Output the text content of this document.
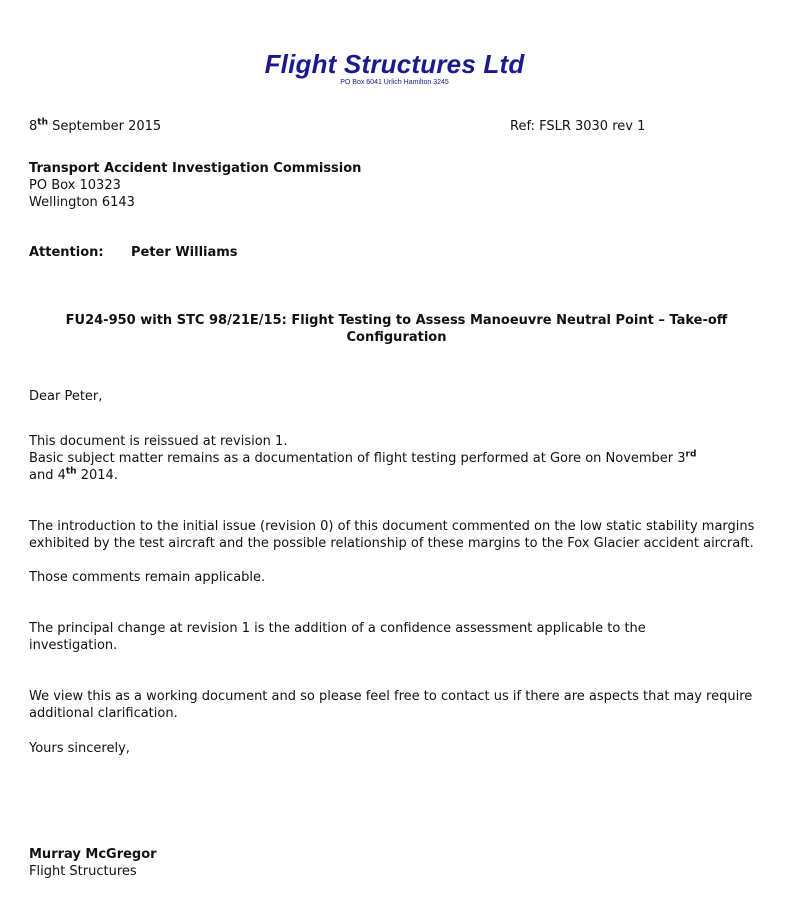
Flight Structures Ltd
PO Box 6041 Urlich Hamilton 3245

8th September 2015	Ref: FSLR 3030 rev 1

Transport Accident Investigation Commission

PO Box 10323

Wellington 6143

Attention: Peter Williams

FU24-950 with STC 98/21E/15: Flight Testing to Assess Manoeuvre Neutral Point – Take-off

Configuration

Dear Peter,

This document is reissued at revision 1.

Basic subject matter remains as a documentation of flight testing performed at Gore on November 3rd

and 4th 2014.

The introduction to the initial issue (revision 0) of this document commented on the low static stability margins exhibited by the test aircraft and the possible relationship of these margins to the Fox Glacier accident aircraft.

Those comments remain applicable.

The principal change at revision 1 is the addition of a confidence assessment applicable to the investigation.

We view this as a working document and so please feel free to contact us if there are aspects that may require additional clarification.

Yours sincerely,

Murray McGregor

Flight Structures
